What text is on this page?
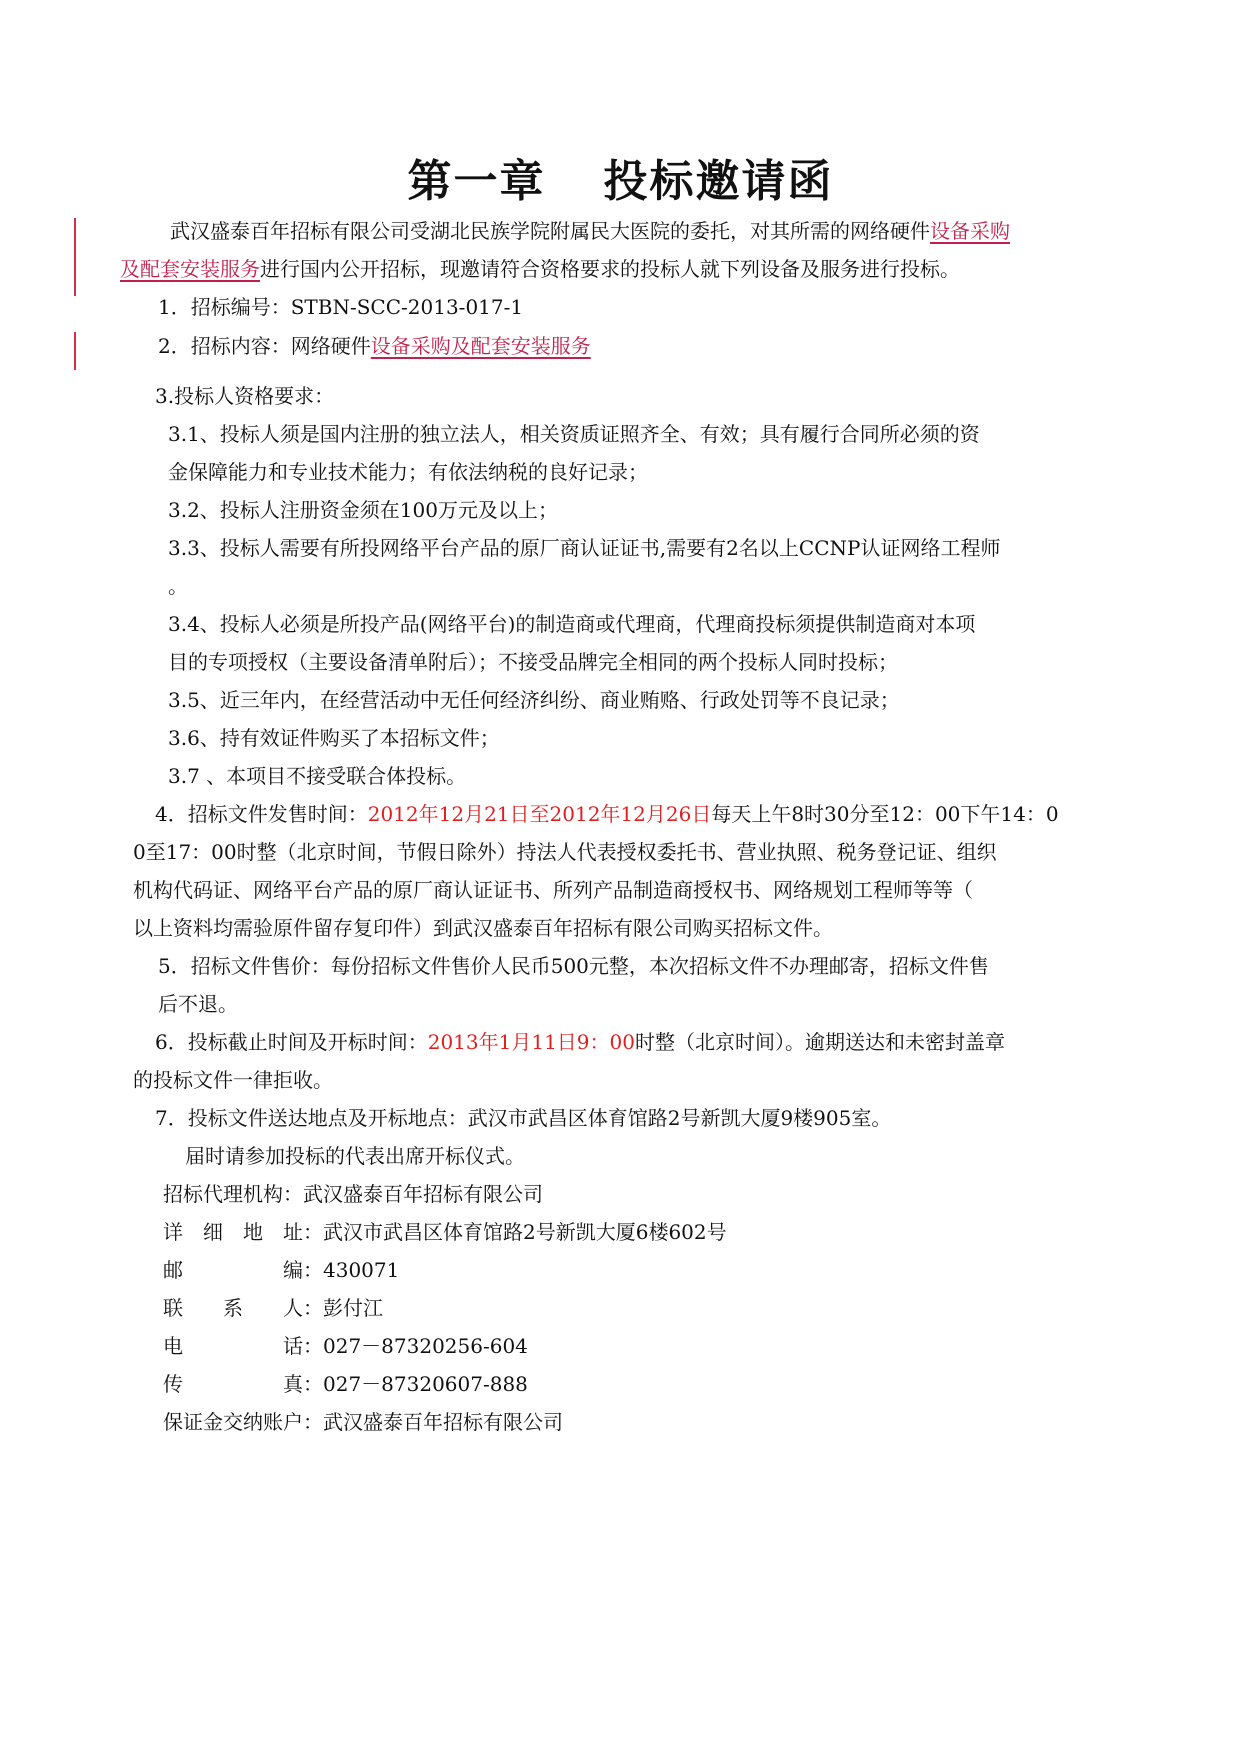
第一章 投标邀请函
武汉盛泰百年招标有限公司受湖北民族学院附属民大医院的委托，对其所需的网络硬件设备采购
及配套安装服务进行国内公开招标，现邀请符合资格要求的投标人就下列设备及服务进行投标。
1．招标编号：STBN-SCC-2013-017-1
2．招标内容：网络硬件设备采购及配套安装服务
3.投标人资格要求：
3.1、投标人须是国内注册的独立法人，相关资质证照齐全、有效；具有履行合同所必须的资
金保障能力和专业技术能力；有依法纳税的良好记录；
3.2、投标人注册资金须在100万元及以上；
3.3、投标人需要有所投网络平台产品的原厂商认证证书,需要有2名以上CCNP认证网络工程师
。
3.4、投标人必须是所投产品(网络平台)的制造商或代理商，代理商投标须提供制造商对本项
目的专项授权（主要设备清单附后）；不接受品牌完全相同的两个投标人同时投标；
3.5、近三年内，在经营活动中无任何经济纠纷、商业贿赂、行政处罚等不良记录；
3.6、持有效证件购买了本招标文件；
3.7 、本项目不接受联合体投标。
4．招标文件发售时间：2012年12月21日至2012年12月26日每天上午8时30分至12：00下午14：0
0至17：00时整（北京时间，节假日除外）持法人代表授权委托书、营业执照、税务登记证、组织
机构代码证、网络平台产品的原厂商认证证书、所列产品制造商授权书、网络规划工程师等等（
以上资料均需验原件留存复印件）到武汉盛泰百年招标有限公司购买招标文件。
5．招标文件售价：每份招标文件售价人民币500元整，本次招标文件不办理邮寄，招标文件售
后不退。
6．投标截止时间及开标时间：2013年1月11日9：00时整（北京时间）。逾期送达和未密封盖章
的投标文件一律拒收。
7．投标文件送达地点及开标地点：武汉市武昌区体育馆路2号新凯大厦9楼905室。
届时请参加投标的代表出席开标仪式。
招标代理机构：武汉盛泰百年招标有限公司
详　细　地　址：武汉市武昌区体育馆路2号新凯大厦6楼602号
邮　　　　　编：430071
联　　系　　人：彭付江
电　　　　　话：027－87320256-604
传　　　　　真：027－87320607-888
保证金交纳账户：武汉盛泰百年招标有限公司
